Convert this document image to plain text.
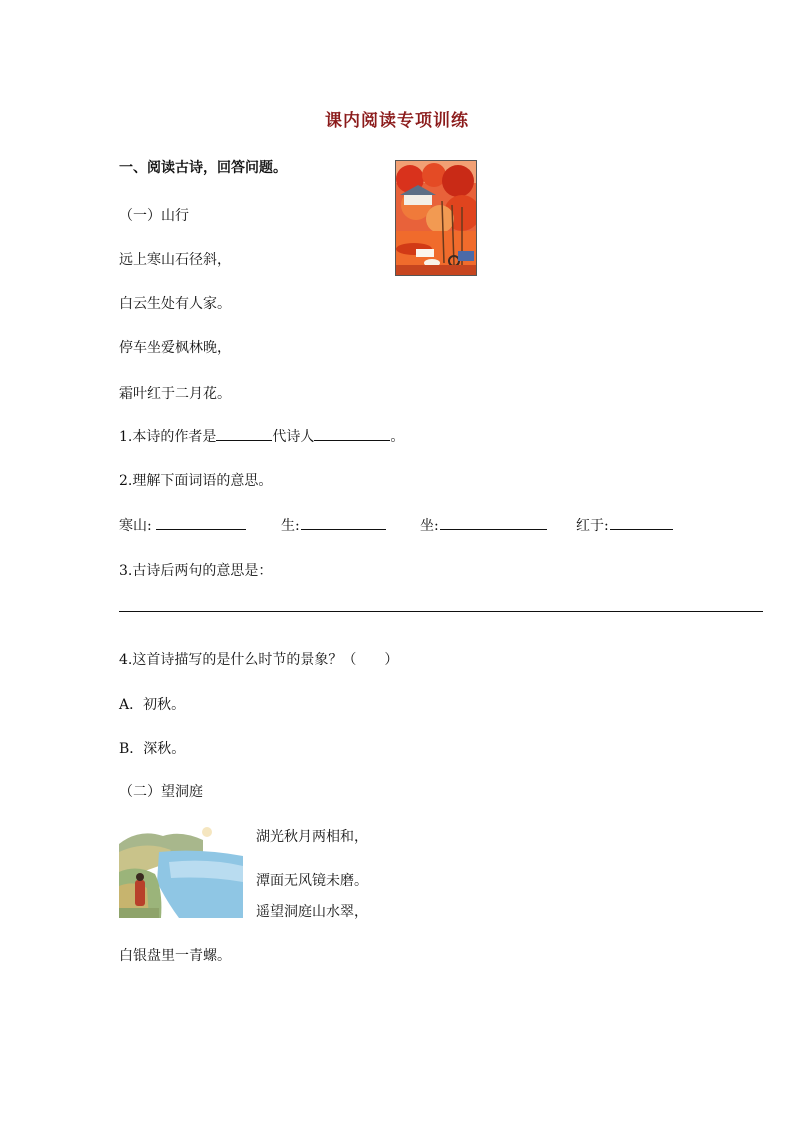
课内阅读专项训练
一、阅读古诗，回答问题。
（一）山行
远上寒山石径斜，
白云生处有人家。
停车坐爱枫林晚，
霜叶红于二月花。
1.本诗的作者是	代诗人	。
2.理解下面词语的意思。
寒山:	生:	坐:	红于:
3.古诗后两句的意思是：
4.这首诗描写的是什么时节的景象？（　　）
A．初秋。
B．深秋。
（二）望洞庭
湖光秋月两相和，
潭面无风镜未磨。
遥望洞庭山水翠，
白银盘里一青螺。
